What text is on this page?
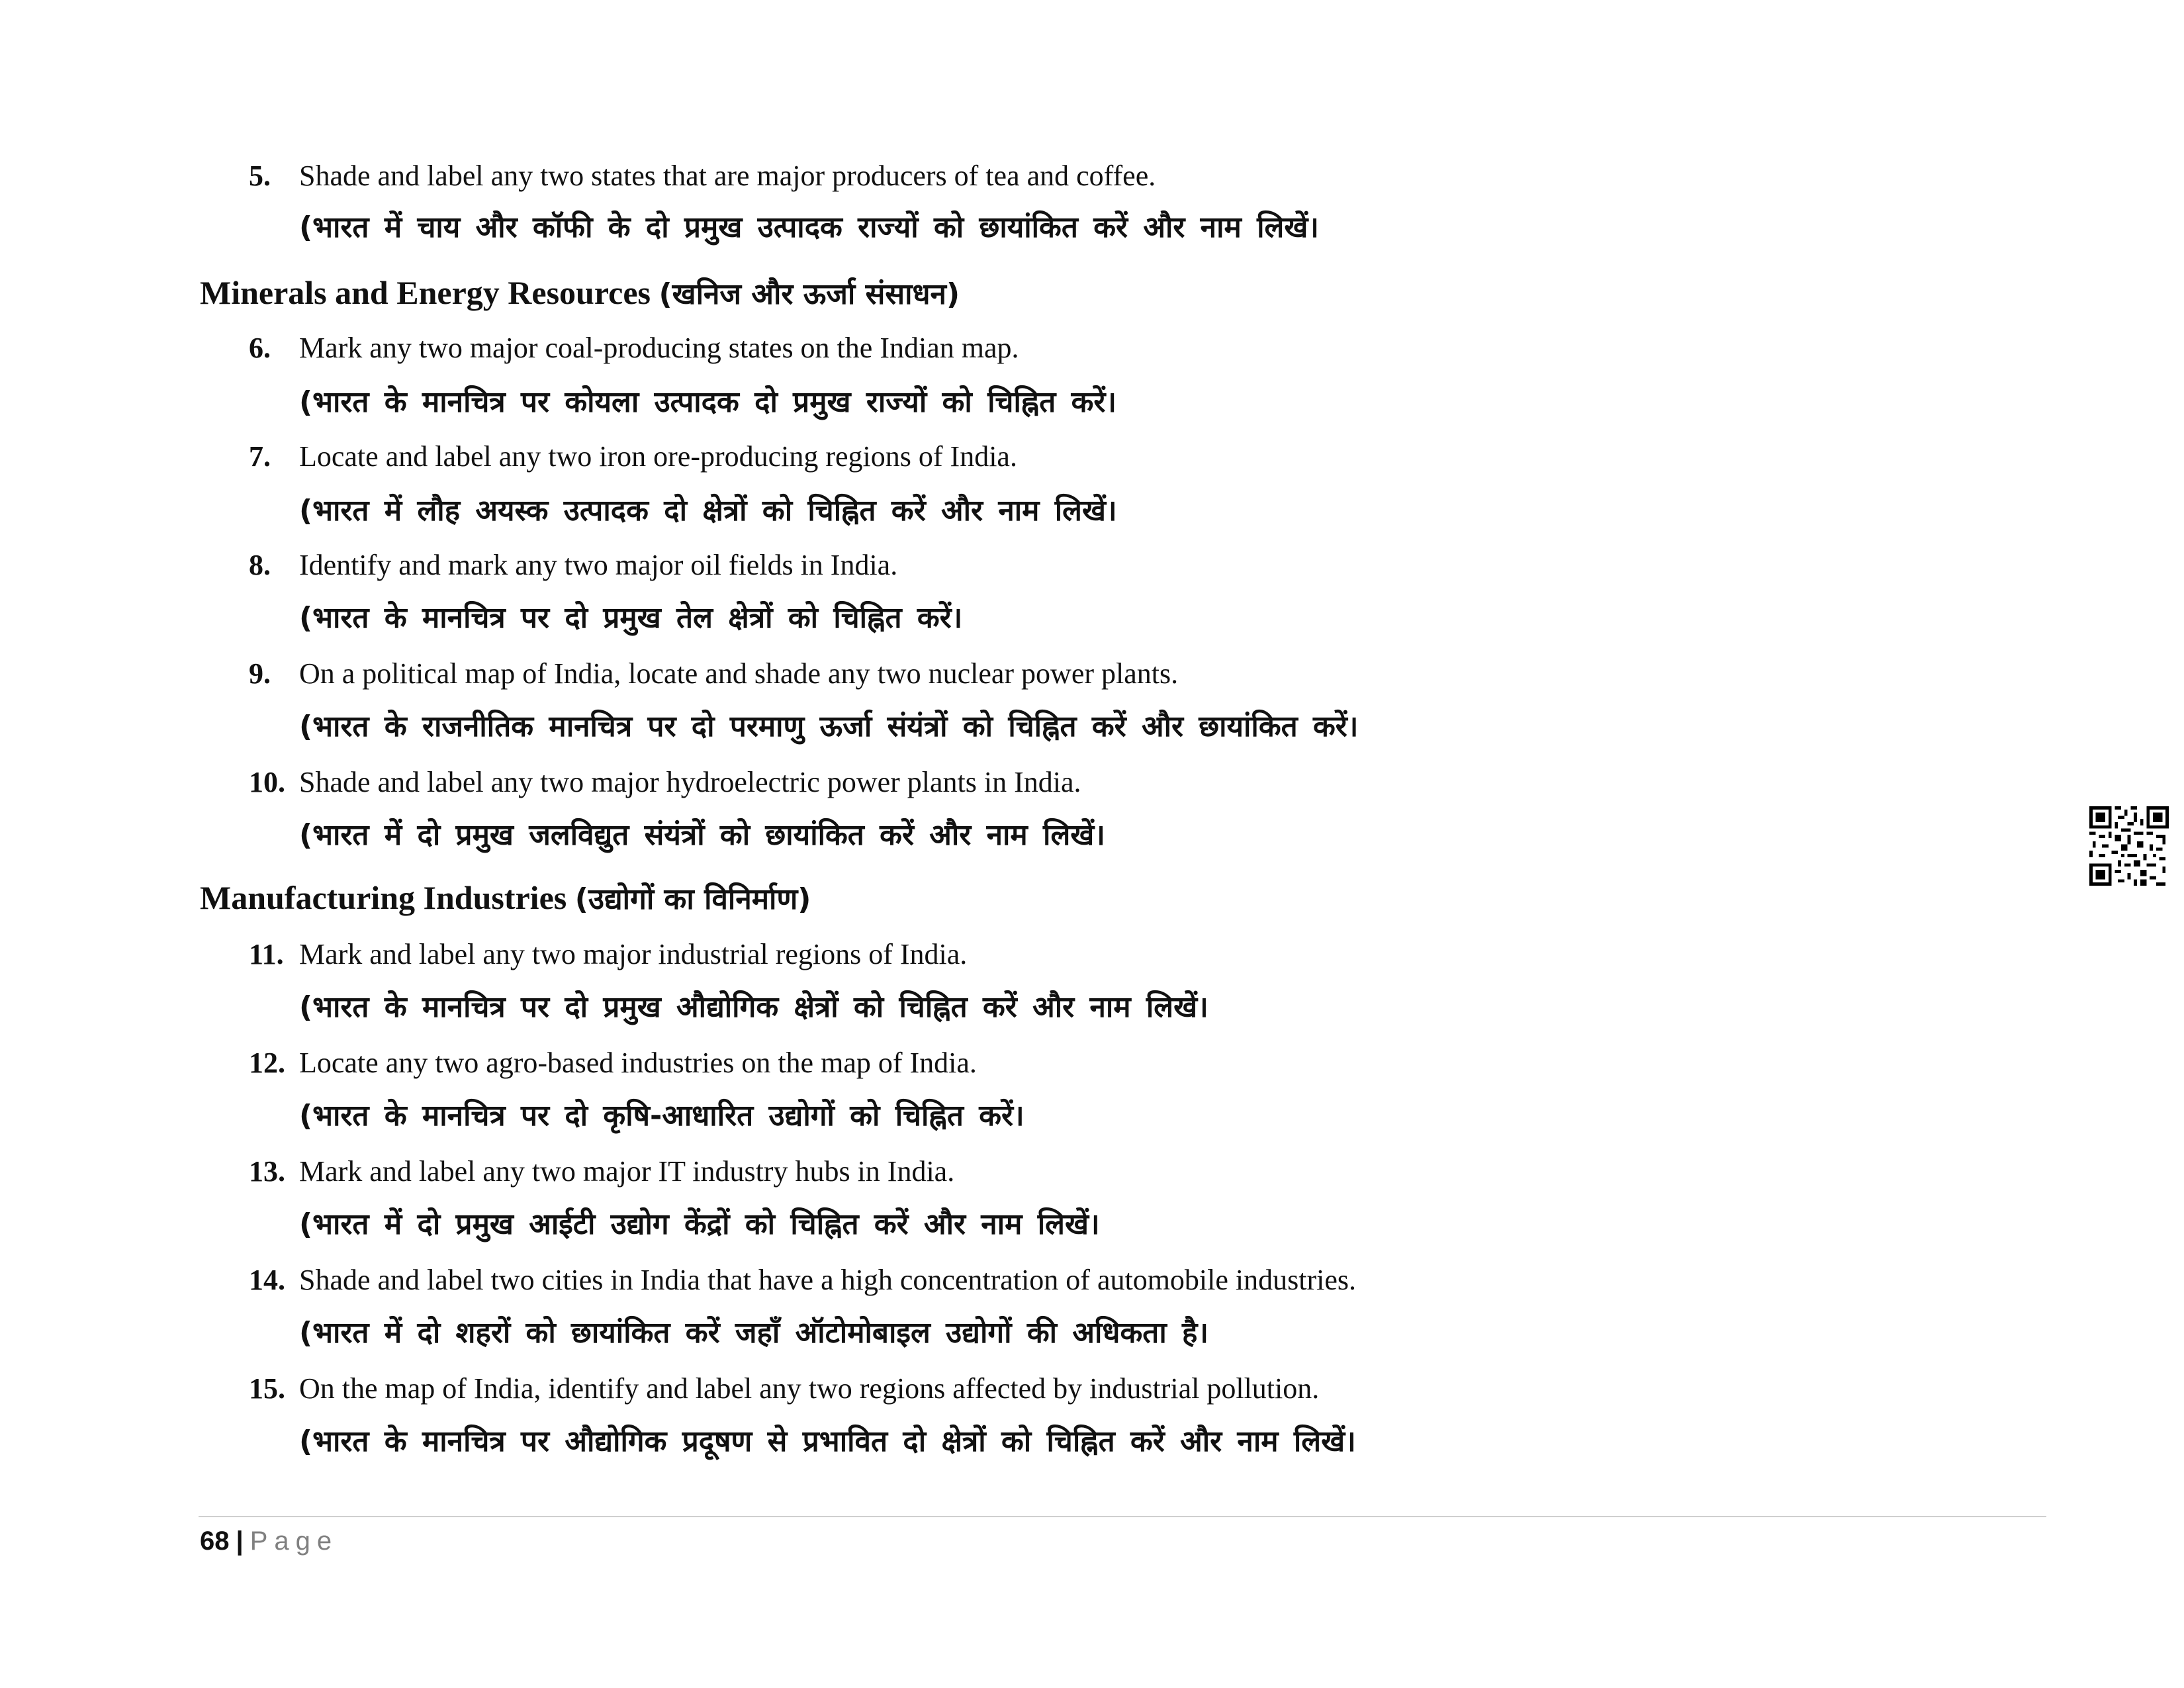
5. Shade and label any two states that are major producers of tea and coffee.
(भारत में चाय और कॉफी के दो प्रमुख उत्पादक राज्यों को छायांकित करें और नाम लिखें।
Minerals and Energy Resources (खनिज और ऊर्जा संसाधन)
6. Mark any two major coal-producing states on the Indian map.
(भारत के मानचित्र पर कोयला उत्पादक दो प्रमुख राज्यों को चिह्नित करें।
7. Locate and label any two iron ore-producing regions of India.
(भारत में लौह अयस्क उत्पादक दो क्षेत्रों को चिह्नित करें और नाम लिखें।
8. Identify and mark any two major oil fields in India.
(भारत के मानचित्र पर दो प्रमुख तेल क्षेत्रों को चिह्नित करें।
9. On a political map of India, locate and shade any two nuclear power plants.
(भारत के राजनीतिक मानचित्र पर दो परमाणु ऊर्जा संयंत्रों को चिह्नित करें और छायांकित करें।
10. Shade and label any two major hydroelectric power plants in India.
(भारत में दो प्रमुख जलविद्युत संयंत्रों को छायांकित करें और नाम लिखें।
Manufacturing Industries (उद्योगों का विनिर्माण)
11. Mark and label any two major industrial regions of India.
(भारत के मानचित्र पर दो प्रमुख औद्योगिक क्षेत्रों को चिह्नित करें और नाम लिखें।
12. Locate any two agro-based industries on the map of India.
(भारत के मानचित्र पर दो कृषि-आधारित उद्योगों को चिह्नित करें।
13. Mark and label any two major IT industry hubs in India.
(भारत में दो प्रमुख आईटी उद्योग केंद्रों को चिह्नित करें और नाम लिखें।
14. Shade and label two cities in India that have a high concentration of automobile industries.
(भारत में दो शहरों को छायांकित करें जहाँ ऑटोमोबाइल उद्योगों की अधिकता है।
15. On the map of India, identify and label any two regions affected by industrial pollution.
(भारत के मानचित्र पर औद्योगिक प्रदूषण से प्रभावित दो क्षेत्रों को चिह्नित करें और नाम लिखें।
68 | Page
